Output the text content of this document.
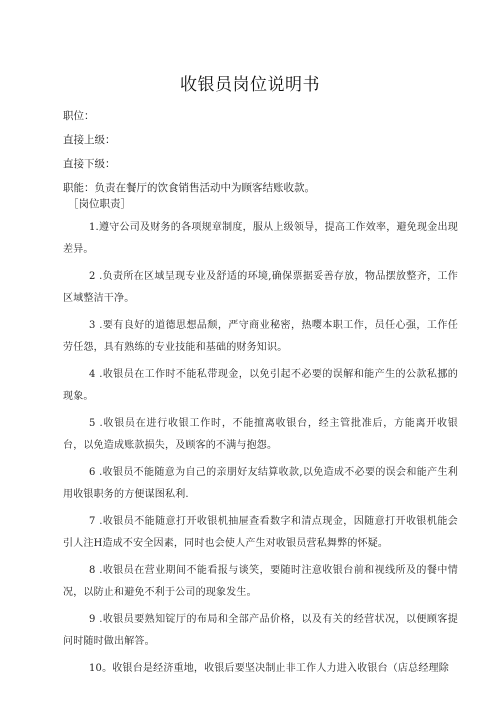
收银员岗位说明书
职位：
直接上级：
直接下级：
职能：负责在餐厅的饮食销售活动中为顾客结账收款。
［岗位职责］

1.遵守公司及财务的各项规章制度，服从上级领导，提高工作效率，避免现金出现差异。

2 .负责所在区域呈现专业及舒适的环境,确保票据妥善存放，物品摆放整齐，工作区域整洁干净。

3 .要有良好的道德思想品颓，严守商业秘密，热嘤本职工作，员任心强，工作任劳任怨，具有熟练的专业技能和基础的财务知识。

4 .收银员在工作时不能私带现金，以免引起不必要的误解和能产生的公款私挪的现象。

5 .收银员在进行收银工作时，不能擅离收银台，经主管批准后，方能离开收银台，以免造成账款损失，及顾客的不满与抱怨。

6 .收银员不能随意为自己的亲朋好友结算收款,以免造成不必要的误会和能产生利用收银职务的方便谋图私利.

7 .收银员不能随意打开收银机抽屉查看数字和清点现金，因随意打开收银机能会引人注H造成不安全因素，同时也会使人产生对收银员营私舞弊的怀疑。

8 .收银员在营业期间不能看报与谈笑，要随时注意收银台前和视线所及的餐中情况，以防止和避免不利于公司的现象发生。

9 .收银员要熟知锭厅的布局和全部产品价格，以及有关的经营状况，以便顾客提问时随时做出解答。

10。收银台是经济重地，收银后要坚决制止非工作人力进入收银台（店总经理除
